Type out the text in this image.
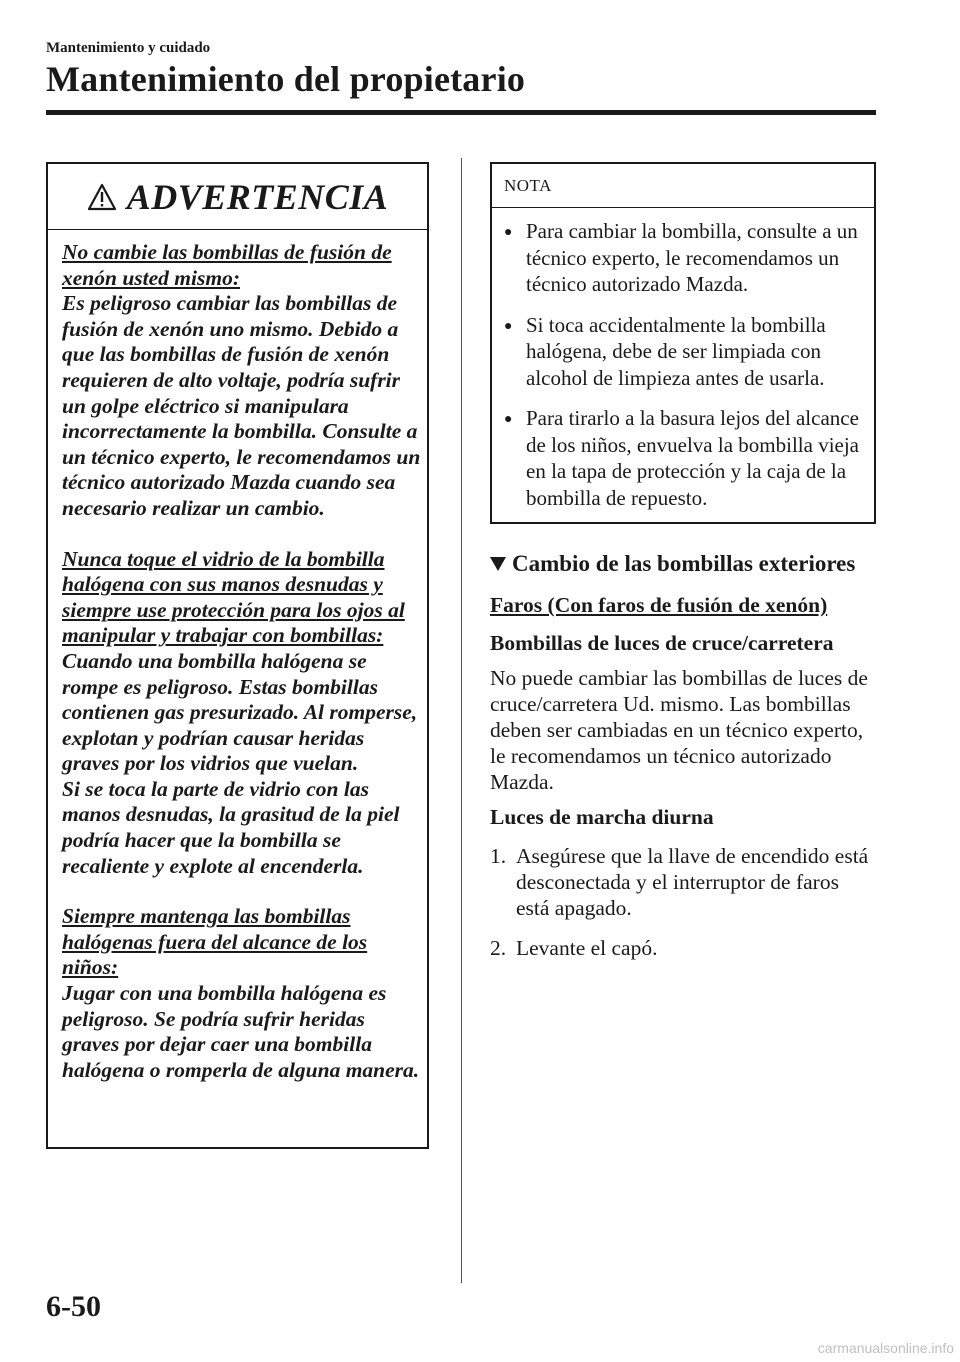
Mantenimiento y cuidado
Mantenimiento del propietario
ADVERTENCIA

No cambie las bombillas de fusión de xenón usted mismo:

Es peligroso cambiar las bombillas de fusión de xenón uno mismo. Debido a que las bombillas de fusión de xenón requieren de alto voltaje, podría sufrir un golpe eléctrico si manipulara incorrectamente la bombilla. Consulte a un técnico experto, le recomendamos un técnico autorizado Mazda cuando sea necesario realizar un cambio.

Nunca toque el vidrio de la bombilla halógena con sus manos desnudas y siempre use protección para los ojos al manipular y trabajar con bombillas:

Cuando una bombilla halógena se rompe es peligroso. Estas bombillas contienen gas presurizado. Al romperse, explotan y podrían causar heridas graves por los vidrios que vuelan.

Si se toca la parte de vidrio con las manos desnudas, la grasitud de la piel podría hacer que la bombilla se recaliente y explote al encenderla.

Siempre mantenga las bombillas halógenas fuera del alcance de los niños:

Jugar con una bombilla halógena es peligroso. Se podría sufrir heridas graves por dejar caer una bombilla halógena o romperla de alguna manera.

NOTA
● Para cambiar la bombilla, consulte a un técnico experto, le recomendamos un técnico autorizado Mazda.
● Si toca accidentalmente la bombilla halógena, debe de ser limpiada con alcohol de limpieza antes de usarla.
● Para tirarlo a la basura lejos del alcance de los niños, envuelva la bombilla vieja en la tapa de protección y la caja de la bombilla de repuesto.
Cambio de las bombillas exteriores
Faros (Con faros de fusión de xenón)
Bombillas de luces de cruce/carretera
No puede cambiar las bombillas de luces de cruce/carretera Ud. mismo. Las bombillas deben ser cambiadas en un técnico experto, le recomendamos un técnico autorizado Mazda.
Luces de marcha diurna
1. Asegúrese que la llave de encendido está desconectada y el interruptor de faros está apagado.
2. Levante el capó.
6-50
carmanualsonline.info
